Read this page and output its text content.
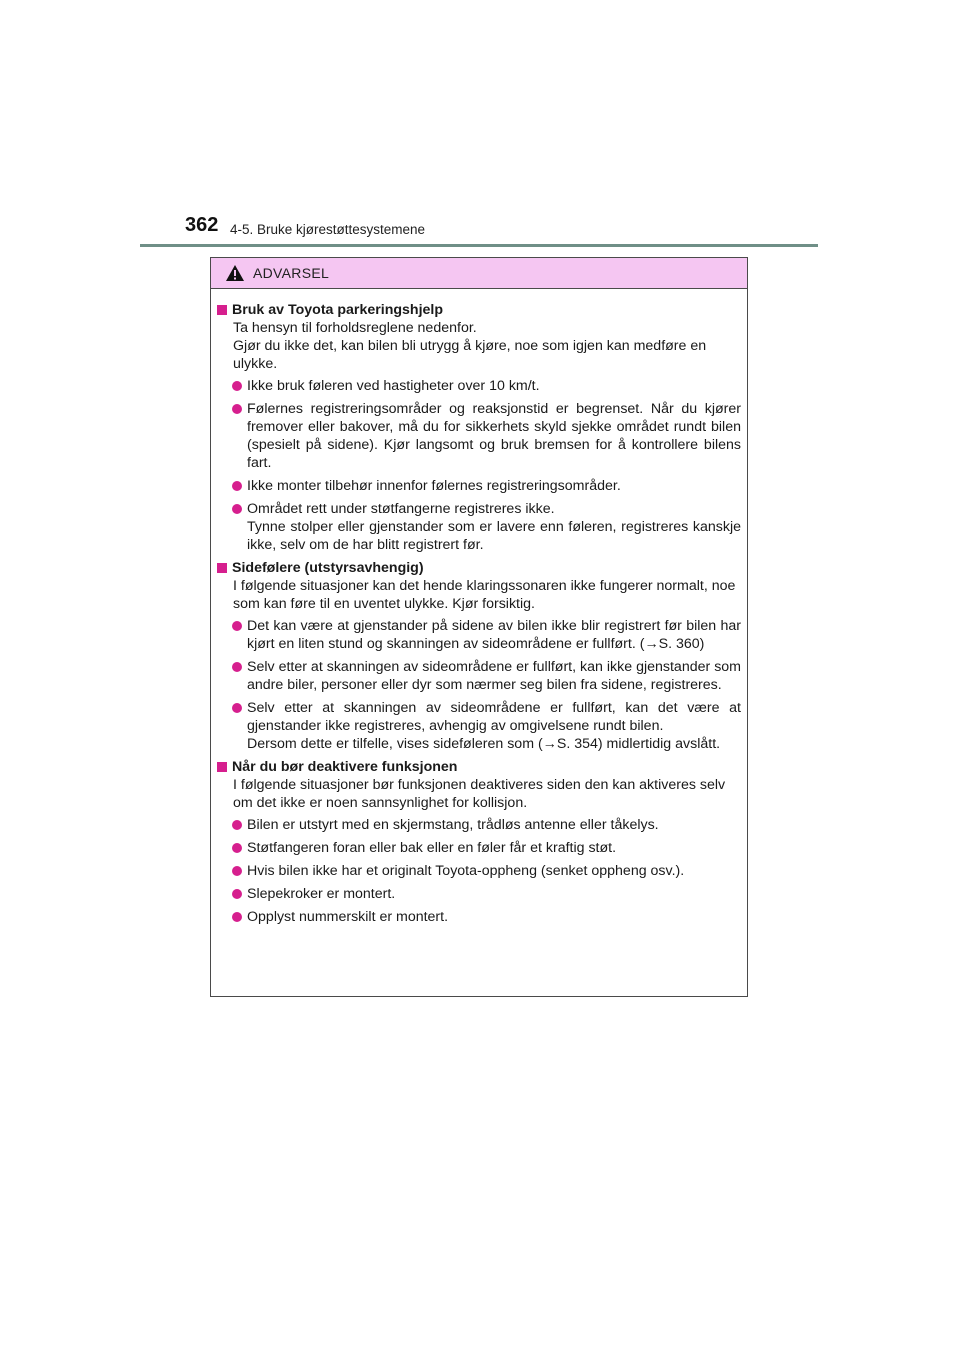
362 4-5. Bruke kjørestøttesystemene
ADVARSEL
Bruk av Toyota parkeringshjelp

Ta hensyn til forholdsreglene nedenfor.

Gjør du ikke det, kan bilen bli utrygg å kjøre, noe som igjen kan medføre en ulykke.

Ikke bruk føleren ved hastigheter over 10 km/t.

Følernes registreringsområder og reaksjonstid er begrenset. Når du kjører fremover eller bakover, må du for sikkerhets skyld sjekke området rundt bilen (spesielt på sidene). Kjør langsomt og bruk bremsen for å kontrollere bilens fart.

Ikke monter tilbehør innenfor følernes registreringsområder.

Området rett under støtfangerne registreres ikke.

Tynne stolper eller gjenstander som er lavere enn føleren, registreres kanskje ikke, selv om de har blitt registrert før.

Sidefølere (utstyrsavhengig)

I følgende situasjoner kan det hende klaringssonaren ikke fungerer normalt, noe som kan føre til en uventet ulykke. Kjør forsiktig.

Det kan være at gjenstander på sidene av bilen ikke blir registrert før bilen har kjørt en liten stund og skanningen av sideområdene er fullført. (→S. 360)

Selv etter at skanningen av sideområdene er fullført, kan ikke gjenstander som andre biler, personer eller dyr som nærmer seg bilen fra sidene, registreres.

Selv etter at skanningen av sideområdene er fullført, kan det være at gjenstander ikke registreres, avhengig av omgivelsene rundt bilen.

Dersom dette er tilfelle, vises sideføleren som (→S. 354) midlertidig avslått.

Når du bør deaktivere funksjonen

I følgende situasjoner bør funksjonen deaktiveres siden den kan aktiveres selv om det ikke er noen sannsynlighet for kollisjon.

Bilen er utstyrt med en skjermstang, trådløs antenne eller tåkelys.

Støtfangeren foran eller bak eller en føler får et kraftig støt.

Hvis bilen ikke har et originalt Toyota-oppheng (senket oppheng osv.).

Slepekroker er montert.

Opplyst nummerskilt er montert.
